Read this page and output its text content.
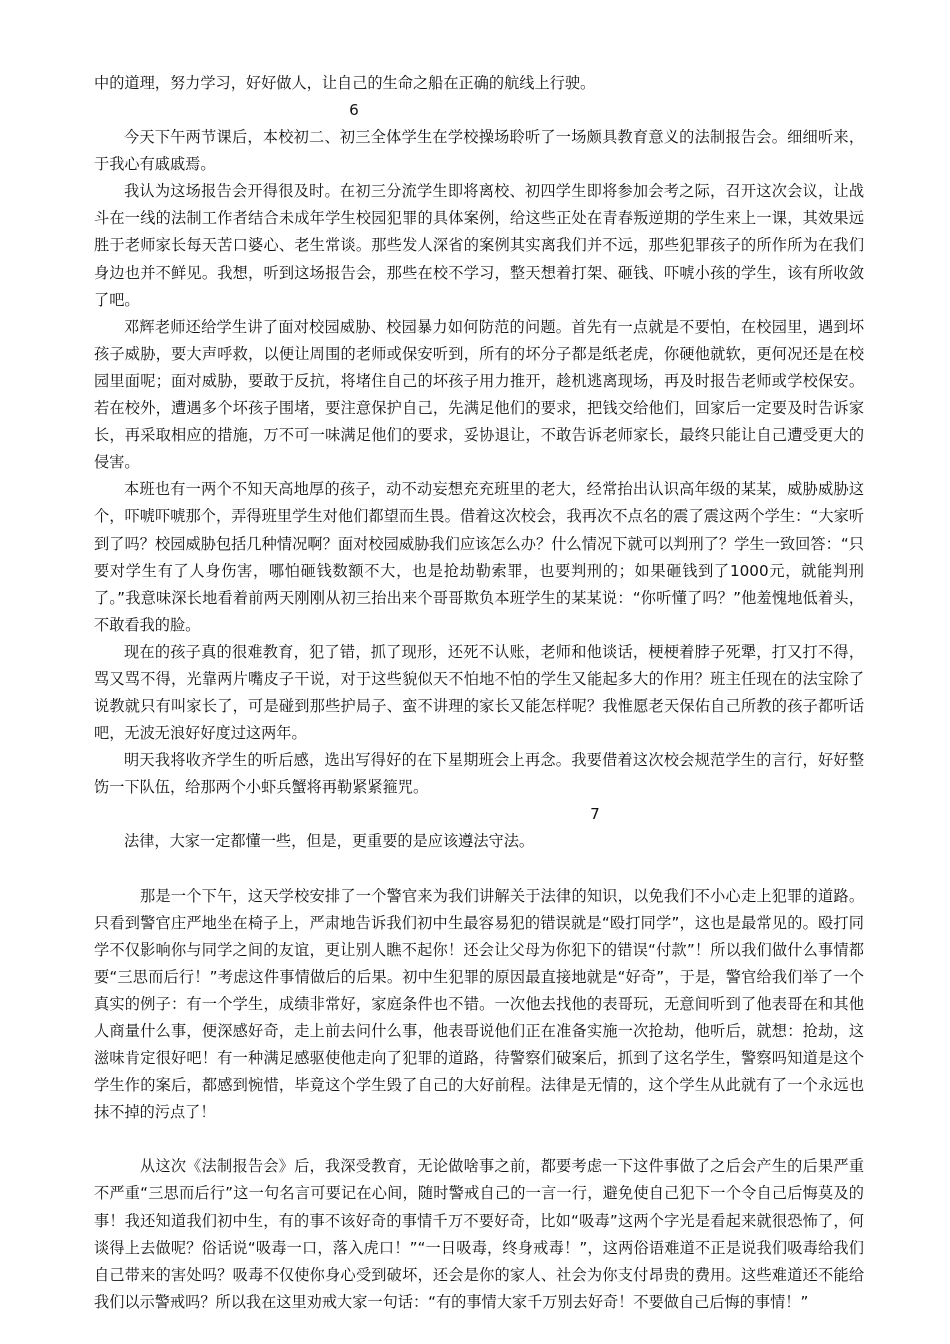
中的道理，努力学习，好好做人，让自己的生命之船在正确的航线上行驶。

6

今天下午两节课后，本校初二、初三全体学生在学校操场聆听了一场颇具教育意义的法制报告会。细细听来，于我心有戚戚焉。

我认为这场报告会开得很及时。在初三分流学生即将离校、初四学生即将参加会考之际，召开这次会议，让战斗在一线的法制工作者结合未成年学生校园犯罪的具体案例，给这些正处在青春叛逆期的学生来上一课，其效果远胜于老师家长每天苦口婆心、老生常谈。那些发人深省的案例其实离我们并不远，那些犯罪孩子的所作所为在我们身边也并不鲜见。我想，听到这场报告会，那些在校不学习，整天想着打架、砸钱、吓唬小孩的学生，该有所收敛了吧。

邓辉老师还给学生讲了面对校园威胁、校园暴力如何防范的问题。首先有一点就是不要怕，在校园里，遇到坏孩子威胁，要大声呼救，以便让周围的老师或保安听到，所有的坏分子都是纸老虎，你硬他就软，更何况还是在校园里面呢；面对威胁，要敢于反抗，将堵住自己的坏孩子用力推开，趁机逃离现场，再及时报告老师或学校保安。若在校外，遭遇多个坏孩子围堵，要注意保护自己，先满足他们的要求，把钱交给他们，回家后一定要及时告诉家长，再采取相应的措施，万不可一味满足他们的要求，妥协退让，不敢告诉老师家长，最终只能让自己遭受更大的侵害。

本班也有一两个不知天高地厚的孩子，动不动妄想充充班里的老大，经常抬出认识高年级的某某，威胁威胁这个，吓唬吓唬那个，弄得班里学生对他们都望而生畏。借着这次校会，我再次不点名的震了震这两个学生：“大家听到了吗？校园威胁包括几种情况啊？面对校园威胁我们应该怎么办？什么情况下就可以判刑了？学生一致回答：“只要对学生有了人身伤害，哪怕砸钱数额不大，也是抢劫勒索罪，也要判刑的；如果砸钱到了1000元，就能判刑了。”我意味深长地看着前两天刚刚从初三抬出来个哥哥欺负本班学生的某某说：“你听懂了吗？”他羞愧地低着头，不敢看我的脸。

现在的孩子真的很难教育，犯了错，抓了现形，还死不认账，老师和他谈话，梗梗着脖子死犟，打又打不得，骂又骂不得，光靠两片嘴皮子干说，对于这些貌似天不怕地不怕的学生又能起多大的作用？班主任现在的法宝除了说教就只有叫家长了，可是碰到那些护局子、蛮不讲理的家长又能怎样呢？我惟愿老天保佑自己所教的孩子都听话吧，无波无浪好好度过这两年。

明天我将收齐学生的听后感，选出写得好的在下星期班会上再念。我要借着这次校会规范学生的言行，好好整饬一下队伍，给那两个小虾兵蟹将再勒紧紧箍咒。

7

法律，大家一定都懂一些，但是，更重要的是应该遵法守法。

那是一个下午，这天学校安排了一个警官来为我们讲解关于法律的知识，以免我们不小心走上犯罪的道路。只看到警官庄严地坐在椅子上，严肃地告诉我们初中生最容易犯的错误就是“殴打同学”，这也是最常见的。殴打同学不仅影响你与同学之间的友谊，更让别人瞧不起你！还会让父母为你犯下的错误“付款”！所以我们做什么事情都要“三思而后行！”考虑这件事情做后的后果。初中生犯罪的原因最直接地就是“好奇”，于是，警官给我们举了一个真实的例子：有一个学生，成绩非常好，家庭条件也不错。一次他去找他的表哥玩，无意间听到了他表哥在和其他人商量什么事，便深感好奇，走上前去问什么事，他表哥说他们正在准备实施一次抢劫，他听后，就想：抢劫，这滋味肯定很好吧！有一种满足感驱使他走向了犯罪的道路，待警察们破案后，抓到了这名学生，警察吗知道是这个学生作的案后，都感到惋惜，毕竟这个学生毁了自己的大好前程。法律是无情的，这个学生从此就有了一个永远也抹不掉的污点了！

从这次《法制报告会》后，我深受教育，无论做啥事之前，都要考虑一下这件事做了之后会产生的后果严重不严重“三思而后行”这一句名言可要记在心间，随时警戒自己的一言一行，避免使自己犯下一个令自己后悔莫及的事！我还知道我们初中生，有的事不该好奇的事情千万不要好奇，比如“吸毒”这两个字光是看起来就很恐怖了，何谈得上去做呢？俗话说“吸毒一口，落入虎口！”“一日吸毒，终身戒毒！”，这两俗语难道不正是说我们吸毒给我们自己带来的害处吗？吸毒不仅使你身心受到破坏，还会是你的家人、社会为你支付昂贵的费用。这些难道还不能给我们以示警戒吗？所以我在这里劝戒大家一句话：“有的事情大家千万别去好奇！不要做自己后悔的事情！”
